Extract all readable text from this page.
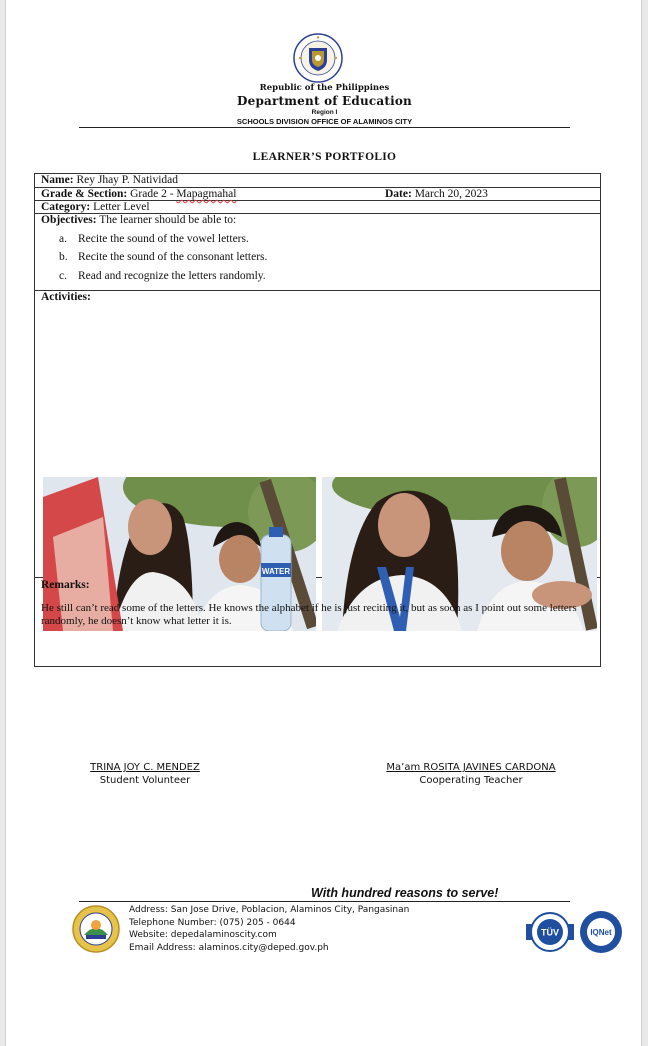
Republic of the Philippines
Department of Education
Region I
SCHOOLS DIVISION OFFICE OF ALAMINOS CITY
LEARNER’S PORTFOLIO
Name: Rey Jhay P. Natividad
Grade & Section: Grade 2 - Mapagmahal	Date: March 20, 2023
Category: Letter Level
Objectives: The learner should be able to:
a. Recite the sound of the vowel letters.
b. Recite the sound of the consonant letters.
c. Read and recognize the letters randomly.
Activities:
WATER
Remarks:
He still can’t read some of the letters. He knows the alphabet if he is just reciting it, but as soon as I point out some letters randomly, he doesn’t know what letter it is.
TRINA JOY C. MENDEZ
Student Volunteer
Ma’am ROSITA JAVINES CARDONA
Cooperating Teacher
With hundred reasons to serve!
Address: San Jose Drive, Poblacion, Alaminos City, Pangasinan
Telephone Number: (075) 205 - 0644
Website: depedalaminoscity.com
Email Address: alaminos.city@deped.gov.ph
TÜV	IQNet
